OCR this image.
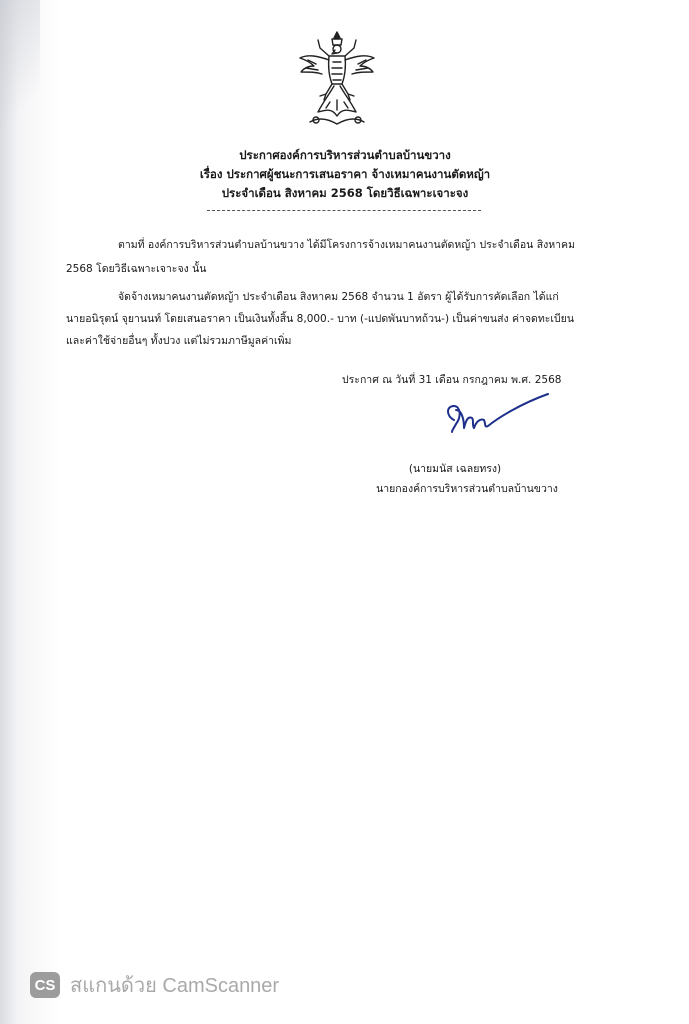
ประกาศองค์การบริหารส่วนตำบลบ้านขวาง
เรื่อง ประกาศผู้ชนะการเสนอราคา จ้างเหมาคนงานตัดหญ้า
ประจำเดือน สิงหาคม 2568 โดยวิธีเฉพาะเจาะจง
ตามที่ องค์การบริหารส่วนตำบลบ้านขวาง ได้มีโครงการจ้างเหมาคนงานตัดหญ้า ประจำเดือน สิงหาคม
2568 โดยวิธีเฉพาะเจาะจง นั้น
จัดจ้างเหมาคนงานตัดหญ้า ประจำเดือน สิงหาคม 2568 จำนวน 1 อัตรา ผู้ได้รับการคัดเลือก ได้แก่
นายอนิรุตน์ จุยานนท์ โดยเสนอราคา เป็นเงินทั้งสิ้น 8,000.- บาท (-แปดพันบาทถ้วน-) เป็นค่าขนส่ง ค่าจดทะเบียน
และค่าใช้จ่ายอื่นๆ ทั้งปวง แต่ไม่รวมภาษีมูลค่าเพิ่ม
ประกาศ ณ วันที่ 31 เดือน กรกฎาคม พ.ศ. 2568
(นายมนัส เฉลยทรง)
นายกองค์การบริหารส่วนตำบลบ้านขวาง
CS สแกนด้วย CamScanner
